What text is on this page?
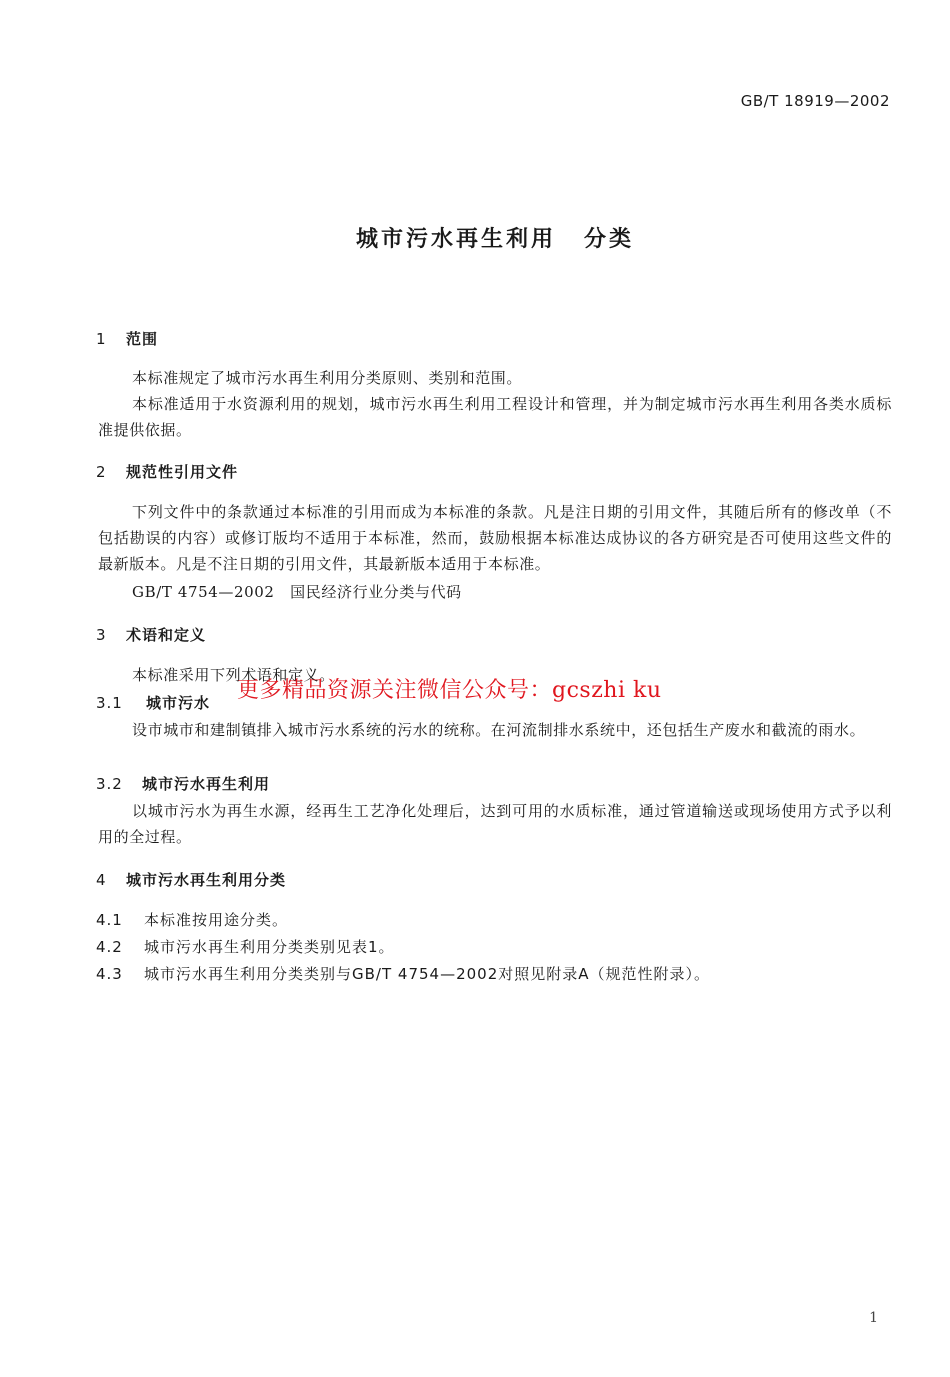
GB/T 18919—2002
城市污水再生利用 分类
1 范围
本标准规定了城市污水再生利用分类原则、类别和范围。
本标准适用于水资源利用的规划，城市污水再生利用工程设计和管理，并为制定城市污水再生利用各类水质标准提供依据。
2 规范性引用文件
下列文件中的条款通过本标准的引用而成为本标准的条款。凡是注日期的引用文件，其随后所有的修改单（不包括勘误的内容）或修订版均不适用于本标准，然而，鼓励根据本标准达成协议的各方研究是否可使用这些文件的最新版本。凡是不注日期的引用文件，其最新版本适用于本标准。
GB/T 4754—2002　国民经济行业分类与代码
3 术语和定义
本标准采用下列术语和定义。
3.1 城市污水
设市城市和建制镇排入城市污水系统的污水的统称。在河流制排水系统中，还包括生产废水和截流的雨水。
3.2 城市污水再生利用
以城市污水为再生水源，经再生工艺净化处理后，达到可用的水质标准，通过管道输送或现场使用方式予以利用的全过程。
4 城市污水再生利用分类
4.1 本标准按用途分类。
4.2 城市污水再生利用分类类别见表1。
4.3 城市污水再生利用分类类别与GB/T 4754—2002对照见附录A（规范性附录）。
更多精品资源关注微信公众号：gcszhi ku
1
